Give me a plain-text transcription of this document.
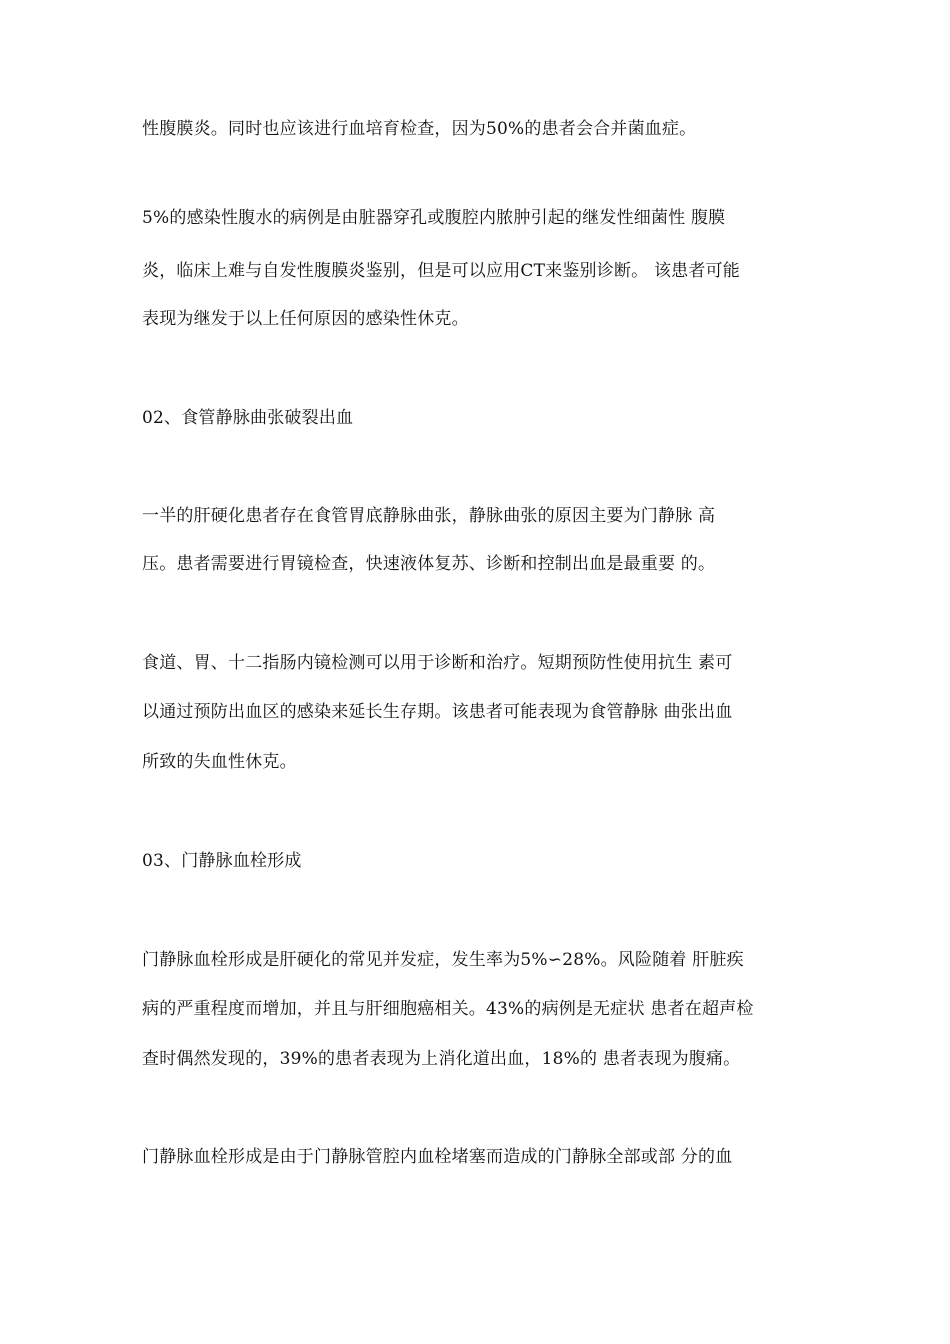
性腹膜炎。同时也应该进行血培育检查，因为50%的患者会合并菌血症。
5%的感染性腹水的病例是由脏器穿孔或腹腔内脓肿引起的继发性细菌性 腹膜
炎，临床上难与自发性腹膜炎鉴别，但是可以应用CT来鉴别诊断。 该患者可能
表现为继发于以上任何原因的感染性休克。
02、食管静脉曲张破裂出血
一半的肝硬化患者存在食管胃底静脉曲张，静脉曲张的原因主要为门静脉 高
压。患者需要进行胃镜检查，快速液体复苏、诊断和控制出血是最重要 的。
食道、胃、十二指肠内镜检测可以用于诊断和治疗。短期预防性使用抗生 素可
以通过预防出血区的感染来延长生存期。该患者可能表现为食管静脉 曲张出血
所致的失血性休克。
03、门静脉血栓形成
门静脉血栓形成是肝硬化的常见并发症，发生率为5%∽28%。风险随着 肝脏疾
病的严重程度而增加，并且与肝细胞癌相关。43%的病例是无症状 患者在超声检
查时偶然发现的，39%的患者表现为上消化道出血，18%的 患者表现为腹痛。
门静脉血栓形成是由于门静脉管腔内血栓堵塞而造成的门静脉全部或部 分的血
